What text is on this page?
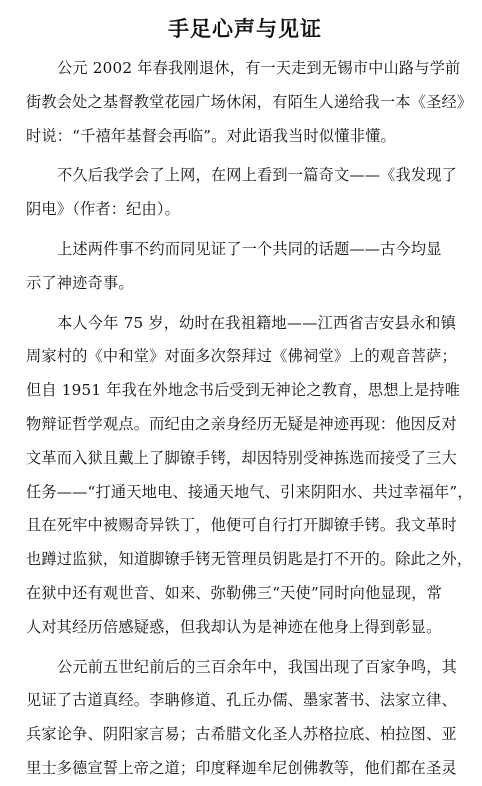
手足心声与见证
公元 2002 年春我刚退休，有一天走到无锡市中山路与学前
街教会处之基督教堂花园广场休闲，有陌生人递给我一本《圣经》
时说：“千禧年基督会再临”。对此语我当时似懂非懂。
不久后我学会了上网，在网上看到一篇奇文——《我发现了
阴电》（作者：纪由）。
上述两件事不约而同见证了一个共同的话题——古今均显
示了神迹奇事。
本人今年 75 岁，幼时在我祖籍地——江西省吉安县永和镇
周家村的《中和堂》对面多次祭拜过《佛祠堂》上的观音菩萨；
但自 1951 年我在外地念书后受到无神论之教育，思想上是持唯
物辩证哲学观点。而纪由之亲身经历无疑是神迹再现：他因反对
文革而入狱且戴上了脚镣手铐，却因特别受神拣选而接受了三大
任务——“打通天地电、接通天地气、引来阴阳水、共过幸福年”，
且在死牢中被赐奇异铁丁，他便可自行打开脚镣手铐。我文革时
也蹲过监狱，知道脚镣手铐无管理员钥匙是打不开的。除此之外，
在狱中还有观世音、如来、弥勒佛三“天使”同时向他显现，常
人对其经历倍感疑惑，但我却认为是神迹在他身上得到彰显。
公元前五世纪前后的三百余年中，我国出现了百家争鸣，其
见证了古道真经。李聃修道、孔丘办儒、墨家著书、法家立律、
兵家论争、阴阳家言易；古希腊文化圣人苏格拉底、柏拉图、亚
里士多德宣誓上帝之道；印度释迦牟尼创佛教等，他们都在圣灵
